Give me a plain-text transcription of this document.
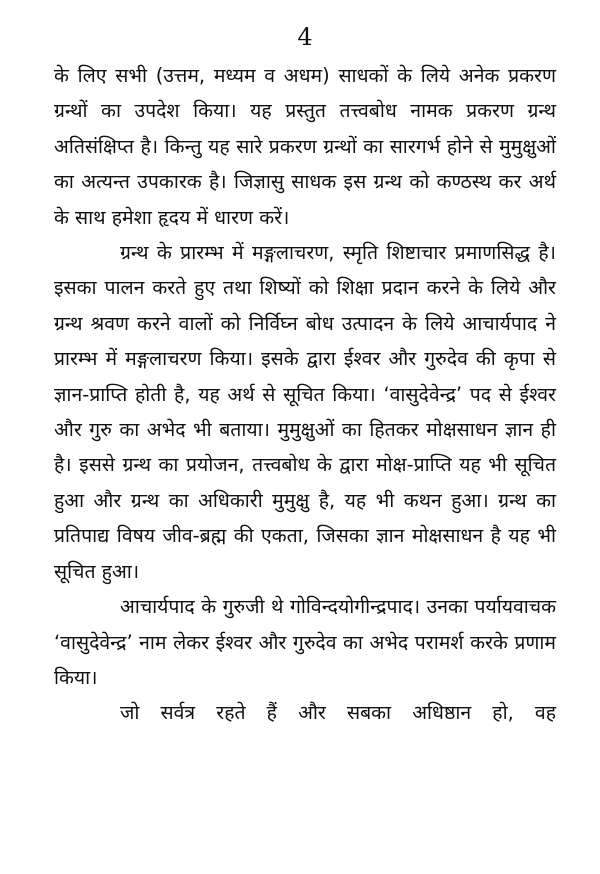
4

के लिए सभी (उत्तम, मध्यम व अधम) साधकों के लिये अनेक प्रकरण ग्रन्थों का उपदेश किया। यह प्रस्तुत तत्त्वबोध नामक प्रकरण ग्रन्थ अतिसंक्षिप्त है। किन्तु यह सारे प्रकरण ग्रन्थों का सारगर्भ होने से मुमुक्षुओं का अत्यन्त उपकारक है। जिज्ञासु साधक इस ग्रन्थ को कण्ठस्थ कर अर्थ के साथ हमेशा हृदय में धारण करें।

ग्रन्थ के प्रारम्भ में मङ्गलाचरण, स्मृति शिष्टाचार प्रमाणसिद्ध है। इसका पालन करते हुए तथा शिष्यों को शिक्षा प्रदान करने के लिये और ग्रन्थ श्रवण करने वालों को निर्विघ्न बोध उत्पादन के लिये आचार्यपाद ने प्रारम्भ में मङ्गलाचरण किया। इसके द्वारा ईश्वर और गुरुदेव की कृपा से ज्ञान-प्राप्ति होती है, यह अर्थ से सूचित किया। ‘वासुदेवेन्द्र’ पद से ईश्वर और गुरु का अभेद भी बताया। मुमुक्षुओं का हितकर मोक्षसाधन ज्ञान ही है। इससे ग्रन्थ का प्रयोजन, तत्त्वबोध के द्वारा मोक्ष-प्राप्ति यह भी सूचित हुआ और ग्रन्थ का अधिकारी मुमुक्षु है, यह भी कथन हुआ। ग्रन्थ का प्रतिपाद्य विषय जीव-ब्रह्म की एकता, जिसका ज्ञान मोक्षसाधन है यह भी सूचित हुआ।

आचार्यपाद के गुरुजी थे गोविन्दयोगीन्द्रपाद। उनका पर्यायवाचक ‘वासुदेवेन्द्र’ नाम लेकर ईश्वर और गुरुदेव का अभेद परामर्श करके प्रणाम किया।

जो सर्वत्र रहते हैं और सबका अधिष्ठान हो, वह
